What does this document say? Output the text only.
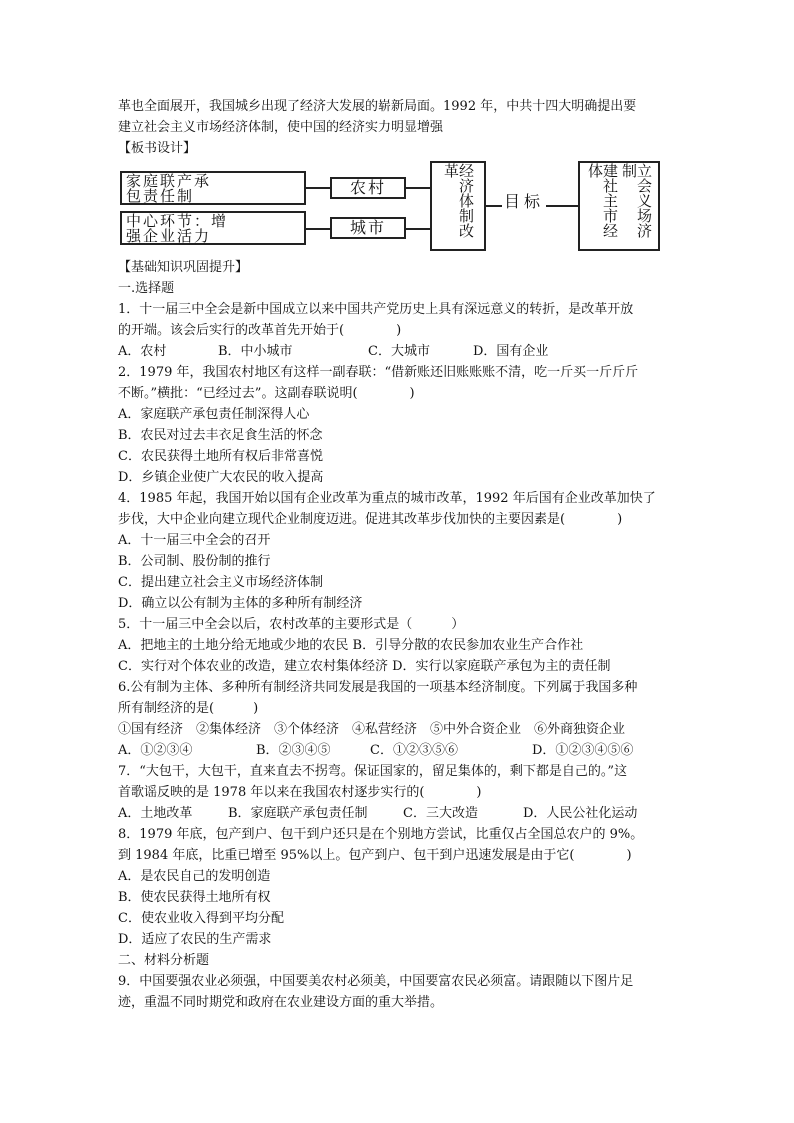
革也全面展开，我国城乡出现了经济大发展的崭新局面。1992 年，中共十四大明确提出要
建立社会主义市场经济体制，使中国的经济实力明显增强
【板书设计】
家庭联产承
包责任制
中心环节：增
强企业活力
农村
城市	经济体制改革
目标	建社主市经体	立会义场济制
【基础知识巩固提升】
一.选择题
1．十一届三中全会是新中国成立以来中国共产党历史上具有深远意义的转折，是改革开放
的开端。该会后实行的改革首先开始于(　　　　)
A．农村	B．中小城市	C．大城市	D．国有企业
2．1979 年，我国农村地区有这样一副春联：“借新账还旧账账账不清，吃一斤买一斤斤斤
不断。”横批：“已经过去”。这副春联说明(　　　　)
A．家庭联产承包责任制深得人心
B．农民对过去丰衣足食生活的怀念
C．农民获得土地所有权后非常喜悦
D．乡镇企业使广大农民的收入提高
4．1985 年起，我国开始以国有企业改革为重点的城市改革，1992 年后国有企业改革加快了
步伐，大中企业向建立现代企业制度迈进。促进其改革步伐加快的主要因素是(　　　　)
A．十一届三中全会的召开
B．公司制、股份制的推行
C．提出建立社会主义市场经济体制
D．确立以公有制为主体的多种所有制经济
5．十一届三中全会以后，农村改革的主要形式是（　　　）
A．把地主的土地分给无地或少地的农民 B．引导分散的农民参加农业生产合作社
C．实行对个体农业的改造，建立农村集体经济 D．实行以家庭联产承包为主的责任制
6.公有制为主体、多种所有制经济共同发展是我国的一项基本经济制度。下列属于我国多种
所有制经济的是(　　　)
①国有经济　②集体经济　③个体经济　④私营经济　⑤中外合资企业　⑥外商独资企业
A．①②③④	B．②③④⑤	C．①②③⑤⑥	D．①②③④⑤⑥
7．“大包干，大包干，直来直去不拐弯。保证国家的，留足集体的，剩下都是自己的。”这
首歌谣反映的是 1978 年以来在我国农村逐步实行的(　　　　)
A．土地改革	B．家庭联产承包责任制	C．三大改造	D．人民公社化运动
8．1979 年底，包产到户、包干到户还只是在个别地方尝试，比重仅占全国总农户的 9%。
到 1984 年底，比重已增至 95%以上。包产到户、包干到户迅速发展是由于它(　　　　)
A．是农民自己的发明创造
B．使农民获得土地所有权
C．使农业收入得到平均分配
D．适应了农民的生产需求
二、材料分析题
9．中国要强农业必须强，中国要美农村必须美，中国要富农民必须富。请跟随以下图片足
迹，重温不同时期党和政府在农业建设方面的重大举措。
